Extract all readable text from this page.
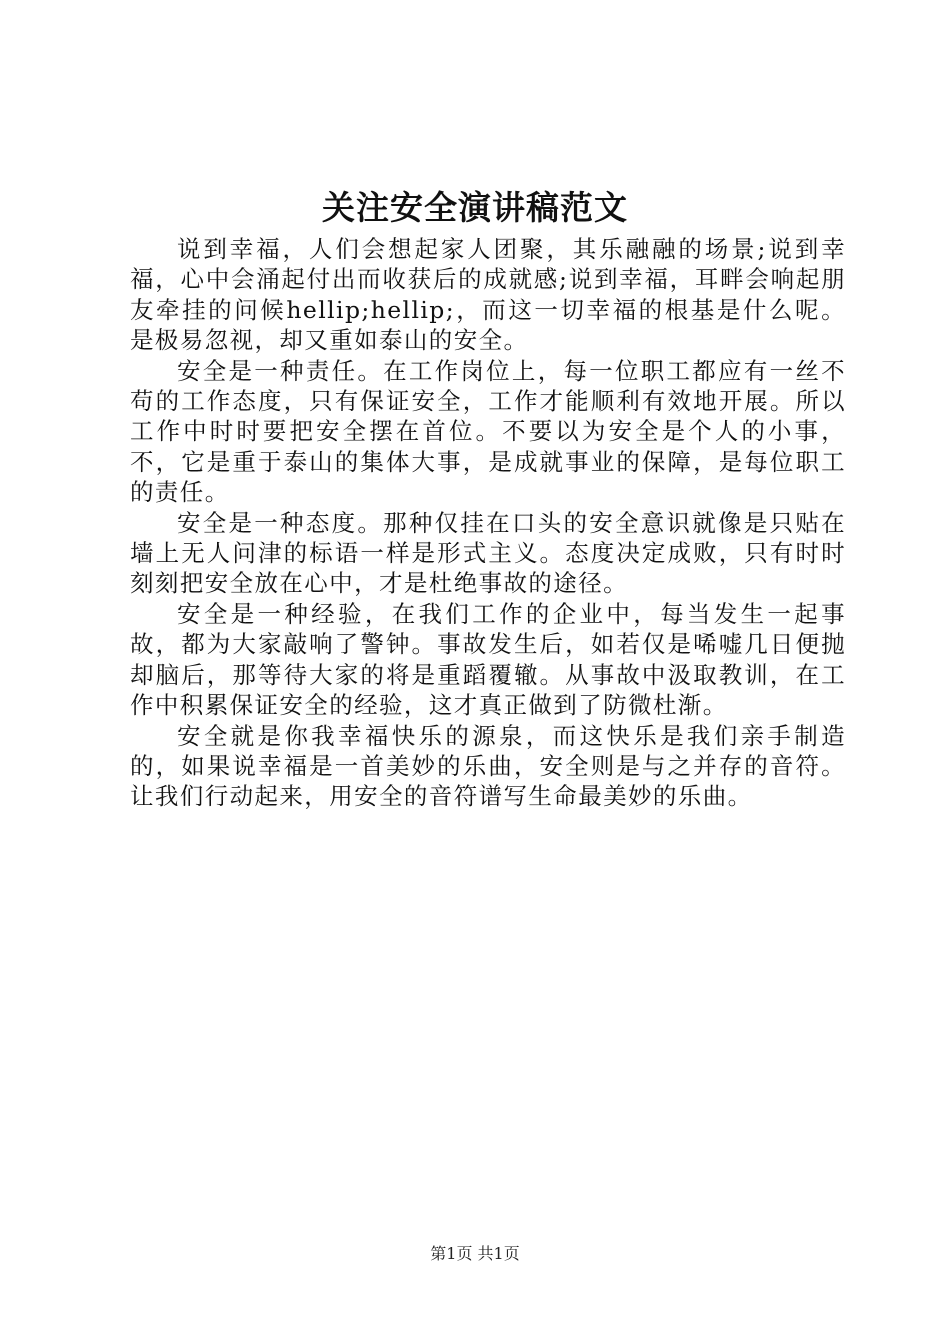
关注安全演讲稿范文

说到幸福，人们会想起家人团聚，其乐融融的场景;说到幸福，心中会涌起付出而收获后的成就感;说到幸福，耳畔会响起朋友牵挂的问候hellip;hellip;，而这一切幸福的根基是什么呢。是极易忽视，却又重如泰山的安全。

安全是一种责任。在工作岗位上，每一位职工都应有一丝不苟的工作态度，只有保证安全，工作才能顺利有效地开展。所以工作中时时要把安全摆在首位。不要以为安全是个人的小事，不，它是重于泰山的集体大事，是成就事业的保障，是每位职工的责任。

安全是一种态度。那种仅挂在口头的安全意识就像是只贴在墙上无人问津的标语一样是形式主义。态度决定成败，只有时时刻刻把安全放在心中，才是杜绝事故的途径。

安全是一种经验，在我们工作的企业中，每当发生一起事故，都为大家敲响了警钟。事故发生后，如若仅是唏嘘几日便抛却脑后，那等待大家的将是重蹈覆辙。从事故中汲取教训，在工作中积累保证安全的经验，这才真正做到了防微杜渐。

安全就是你我幸福快乐的源泉，而这快乐是我们亲手制造的，如果说幸福是一首美妙的乐曲，安全则是与之并存的音符。让我们行动起来，用安全的音符谱写生命最美妙的乐曲。

第1页 共1页
